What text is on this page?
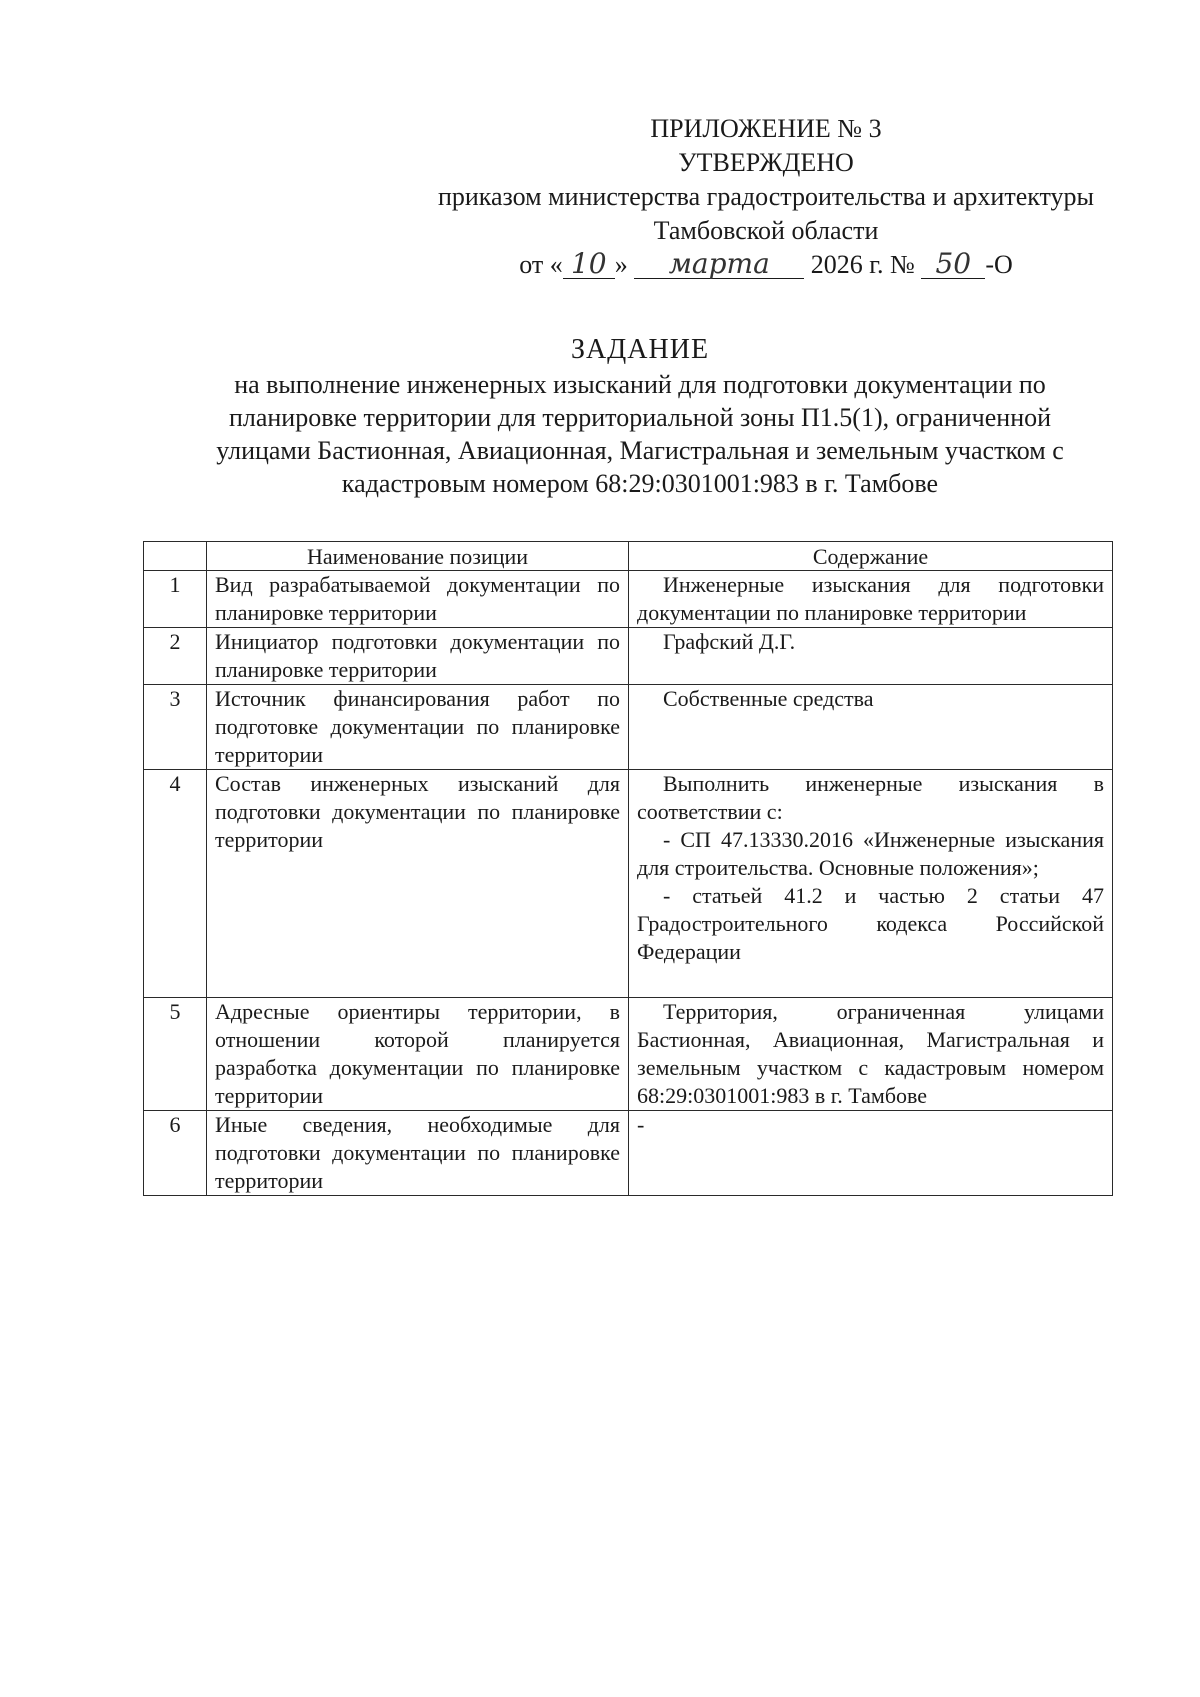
ПРИЛОЖЕНИЕ № 3
УТВЕРЖДЕНО
приказом министерства градостроительства и архитектуры
Тамбовской области
от « 10 » марта 2026 г. № 50 -О
ЗАДАНИЕ
на выполнение инженерных изысканий для подготовки документации по
планировке территории для территориальной зоны П1.5(1), ограниченной
улицами Бастионная, Авиационная, Магистральная и земельным участком с
кадастровым номером 68:29:0301001:983 в г. Тамбове
	Наименование позиции	Содержание
1	Вид разрабатываемой документации по планировке территории	Инженерные изыскания для подготовки документации по планировке территории
2	Инициатор подготовки документации по планировке территории	Графский Д.Г.
3	Источник финансирования работ по подготовке документации по планировке территории	Собственные средства
4	Состав инженерных изысканий для подготовки документации по планировке территории	Выполнить инженерные изыскания в соответствии с:
- СП 47.13330.2016 «Инженерные изыскания для строительства. Основные положения»;
- статьей 41.2 и частью 2 статьи 47 Градостроительного кодекса Российской Федерации
5	Адресные ориентиры территории, в отношении которой планируется разработка документации по планировке территории	Территория, ограниченная улицами Бастионная, Авиационная, Магистральная и земельным участком с кадастровым номером 68:29:0301001:983 в г. Тамбове
6	Иные сведения, необходимые для подготовки документации по планировке территории	-
